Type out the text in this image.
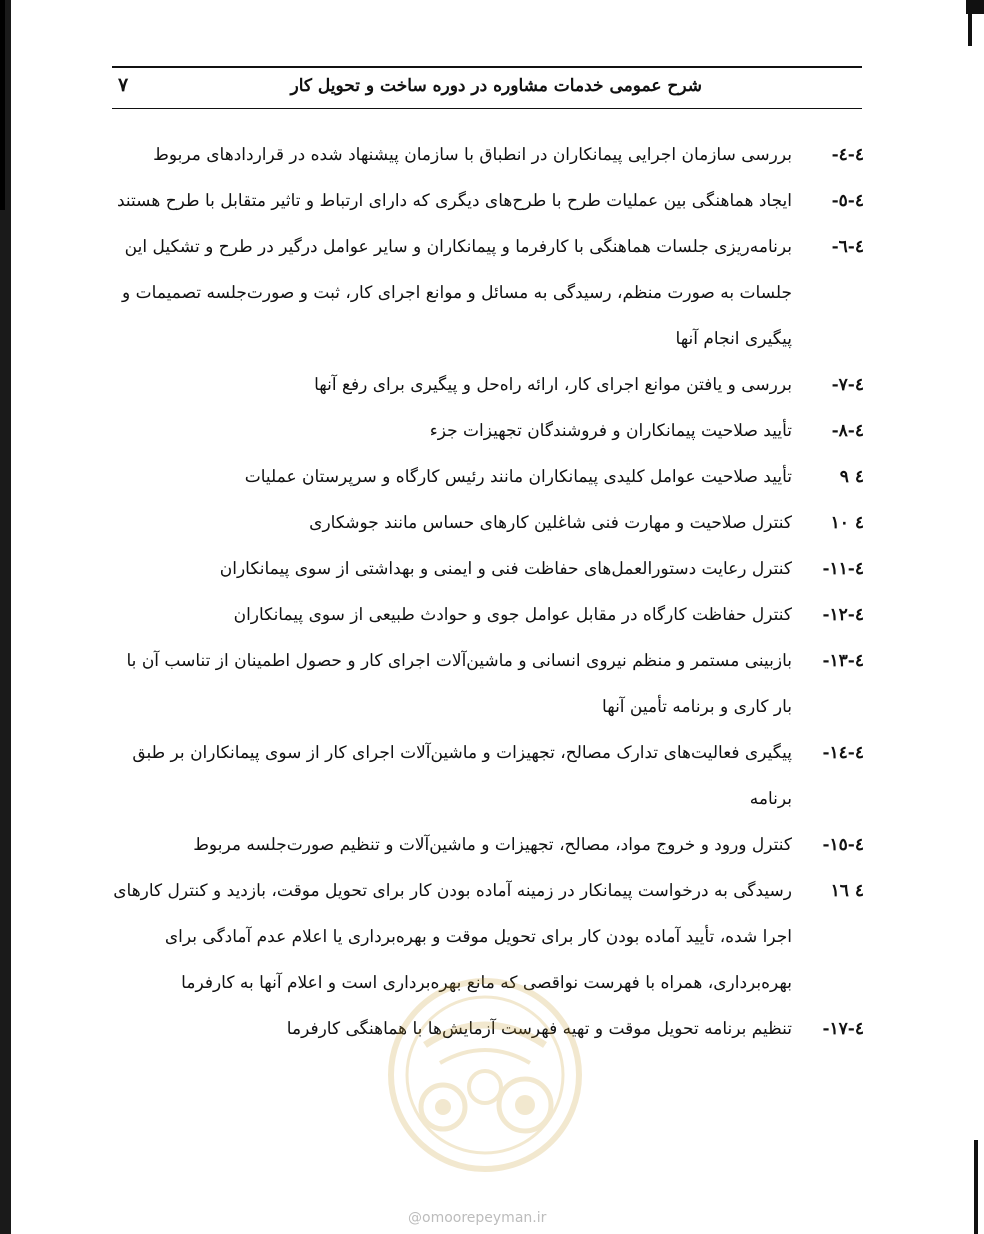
شرح عمومی خدمات مشاوره در دوره ساخت و تحویل کار
۷
٤-٤-
بررسی سازمان اجرایی پیمانکاران در انطباق با سازمان پیشنهاد شده در قراردادهای مربوط
٤-٥-
ایجاد هماهنگی بین عملیات طرح با طرح‌های دیگری که دارای ارتباط و تاثیر متقابل با طرح هستند
٤-٦-
برنامه‌ریزی جلسات هماهنگی با کارفرما و پیمانکاران و سایر عوامل درگیر در طرح و تشکیل این جلسات به صورت منظم، رسیدگی به مسائل و موانع اجرای کار، ثبت و صورت‌جلسه تصمیمات و پیگیری انجام آنها
٤-٧-
بررسی و یافتن موانع اجرای کار، ارائه راه‌حل و پیگیری برای رفع آنها
٤-٨-
تأیید صلاحیت پیمانکاران و فروشندگان تجهیزات جزء
٤ ٩
تأیید صلاحیت عوامل کلیدی پیمانکاران مانند رئیس کارگاه و سرپرستان عملیات
٤ ١٠
کنترل صلاحیت و مهارت فنی شاغلین کارهای حساس مانند جوشکاری
٤-١١-
کنترل رعایت دستورالعمل‌های حفاظت فنی و ایمنی و بهداشتی از سوی پیمانکاران
٤-١٢-
کنترل حفاظت کارگاه در مقابل عوامل جوی و حوادث طبیعی از سوی پیمانکاران
٤-١٣-
بازبینی مستمر و منظم نیروی انسانی و ماشین‌آلات اجرای کار و حصول اطمینان از تناسب آن با بار کاری و برنامه تأمین آنها
٤-١٤-
پیگیری فعالیت‌های تدارک مصالح، تجهیزات و ماشین‌آلات اجرای کار از سوی پیمانکاران بر طبق برنامه
٤-١٥-
کنترل ورود و خروج مواد، مصالح، تجهیزات و ماشین‌آلات و تنظیم صورت‌جلسه مربوط
٤ ١٦
رسیدگی به درخواست پیمانکار در زمینه آماده بودن کار برای تحویل موقت، بازدید و کنترل کارهای اجرا شده، تأیید آماده بودن کار برای تحویل موقت و بهره‌برداری یا اعلام عدم آمادگی برای بهره‌برداری، همراه با فهرست نواقصی که مانع بهره‌برداری است و اعلام آنها به کارفرما
٤-١٧-
تنظیم برنامه تحویل موقت و تهیه فهرست آزمایش‌ها با هماهنگی کارفرما
@omoorepeyman.ir
